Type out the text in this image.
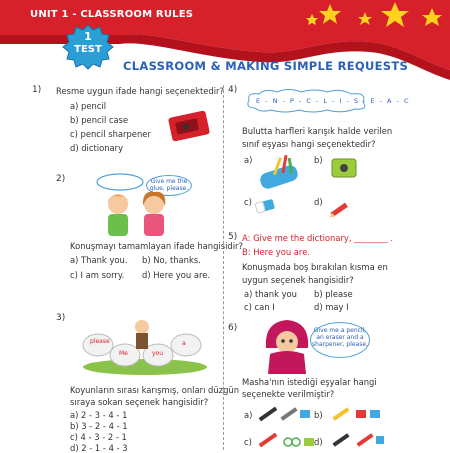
UNIT 1 - CLASSROOM RULES
1
TEST
CLASSROOM & MAKING SIMPLE REQUESTS
1) Resme uygun ifade hangi seçenektedir?
a) pencil
b) pencil case
c) pencil sharpener
d) dictionary
2)	Give me the glue, please.
Konuşmayı tamamlayan ifade hangisidir?
a) Thank you. b) No, thanks.
c) I am sorry. d) Here you are.
3)
please
Me	you
a
Koyunların sırası karışmış, onları düzgün
sıraya sokan seçenek hangisidir?
a) 2 - 3 - 4 - 1
b) 3 - 2 - 4 - 1
c) 4 - 3 - 2 - 1
d) 2 - 1 - 4 - 3
4)
E - N - P - C - L - I - S - E - A - C
Bulutta harfleri karışık halde verilen
sınıf eşyası hangi seçenektedir?
a)	b)
c)	d)
5) A: Give me the dictionary, ________ .
B: Here you are.
Konuşmada boş bırakılan kısma en
uygun seçenek hangisidir?
a) thank you b) please
c) can I	d) may I
6)	Give me a pencil, an eraser and a sharpener, please.
Masha'nın istediği eşyalar hangi
seçenekte verilmiştir?
a)	b)
c)	d)
